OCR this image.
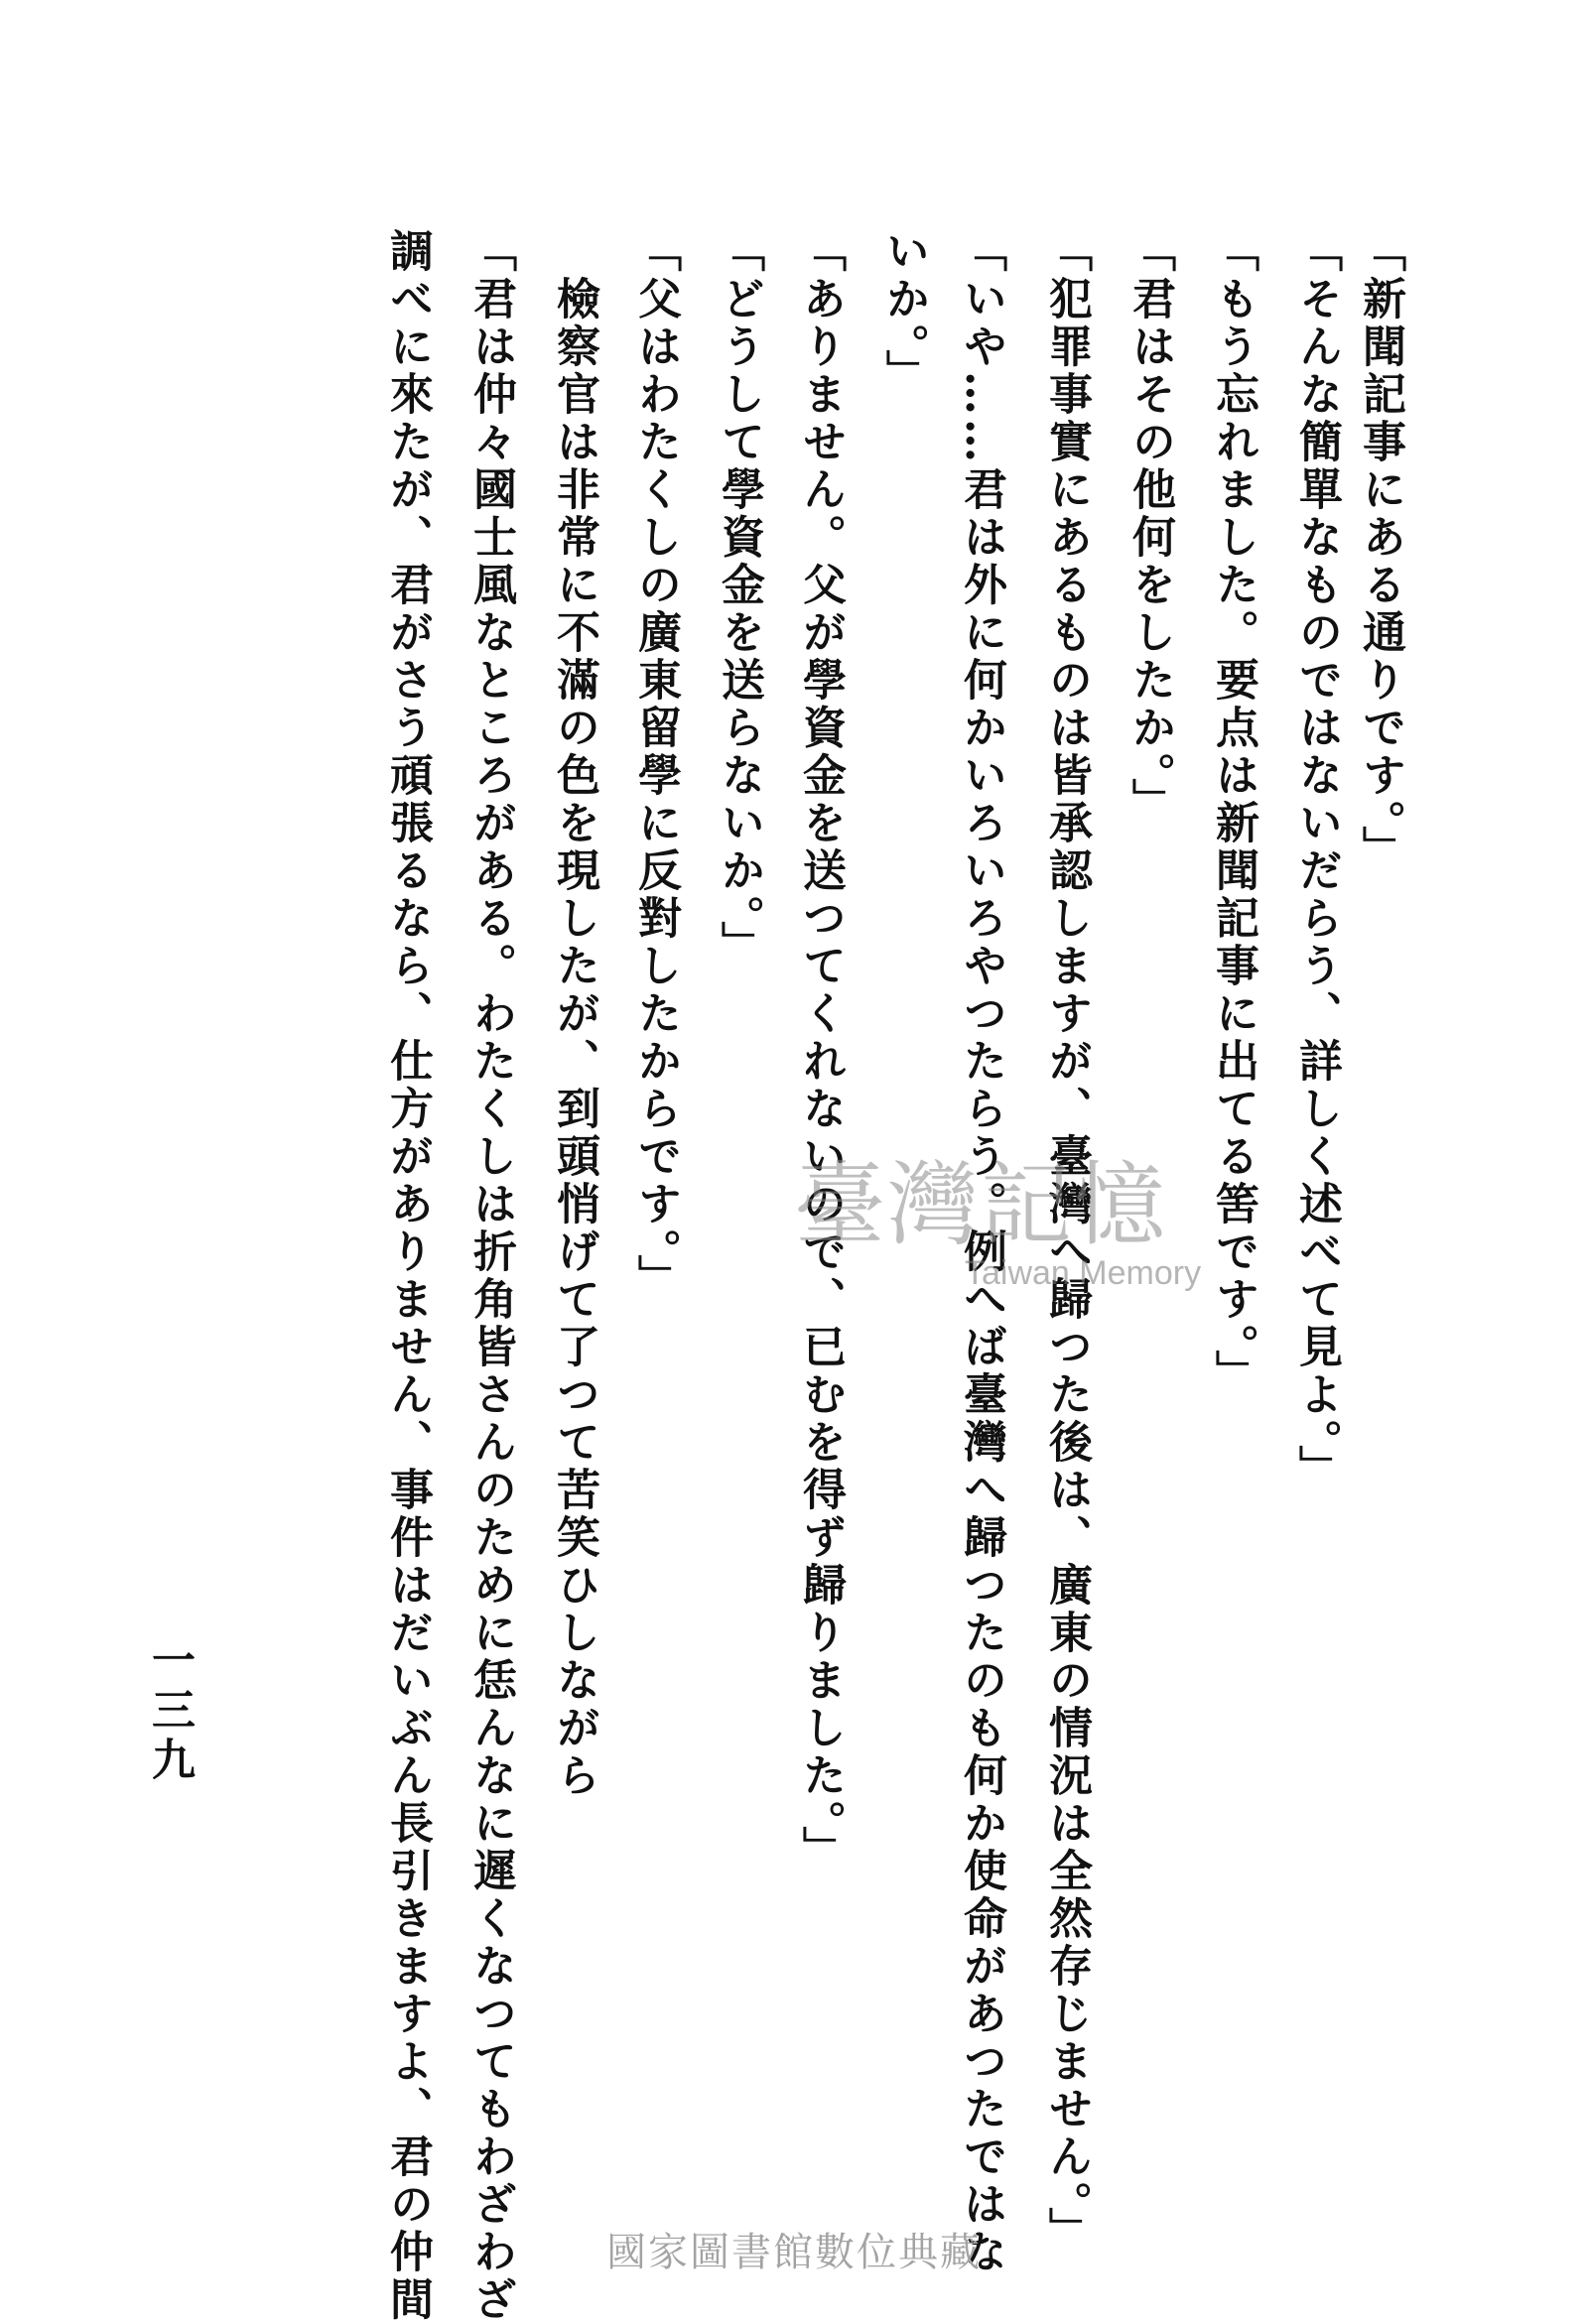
「新聞記事にある通りです。」
「そんな簡單なものではないだらう、詳しく述べて見よ。」
「もう忘れました。要点は新聞記事に出てる筈です。」
「君はその他何をしたか。」
「犯罪事實にあるものは皆承認しますが、臺灣へ歸つた後は、廣東の情況は全然存じません。」
「いや……君は外に何かいろいろやつたらう。例へば臺灣へ歸つたのも何か使命があつたではな
いか。」
「ありません。父が學資金を送つてくれないので、已むを得ず歸りました。」
「どうして學資金を送らないか。」
「父はわたくしの廣東留學に反對したからです。」
　檢察官は非常に不滿の色を現したが、到頭悄げて了つて苦笑ひしながら
「君は仲々國士風なところがある。わたくしは折角皆さんのために恁んなに遲くなつてもわざわざ
調べに來たが、君がさう頑張るなら、仕方がありません、事件はだいぶん長引きますよ、君の仲間
一三九
臺灣記憶
Taiwan Memory
國家圖書館數位典藏
